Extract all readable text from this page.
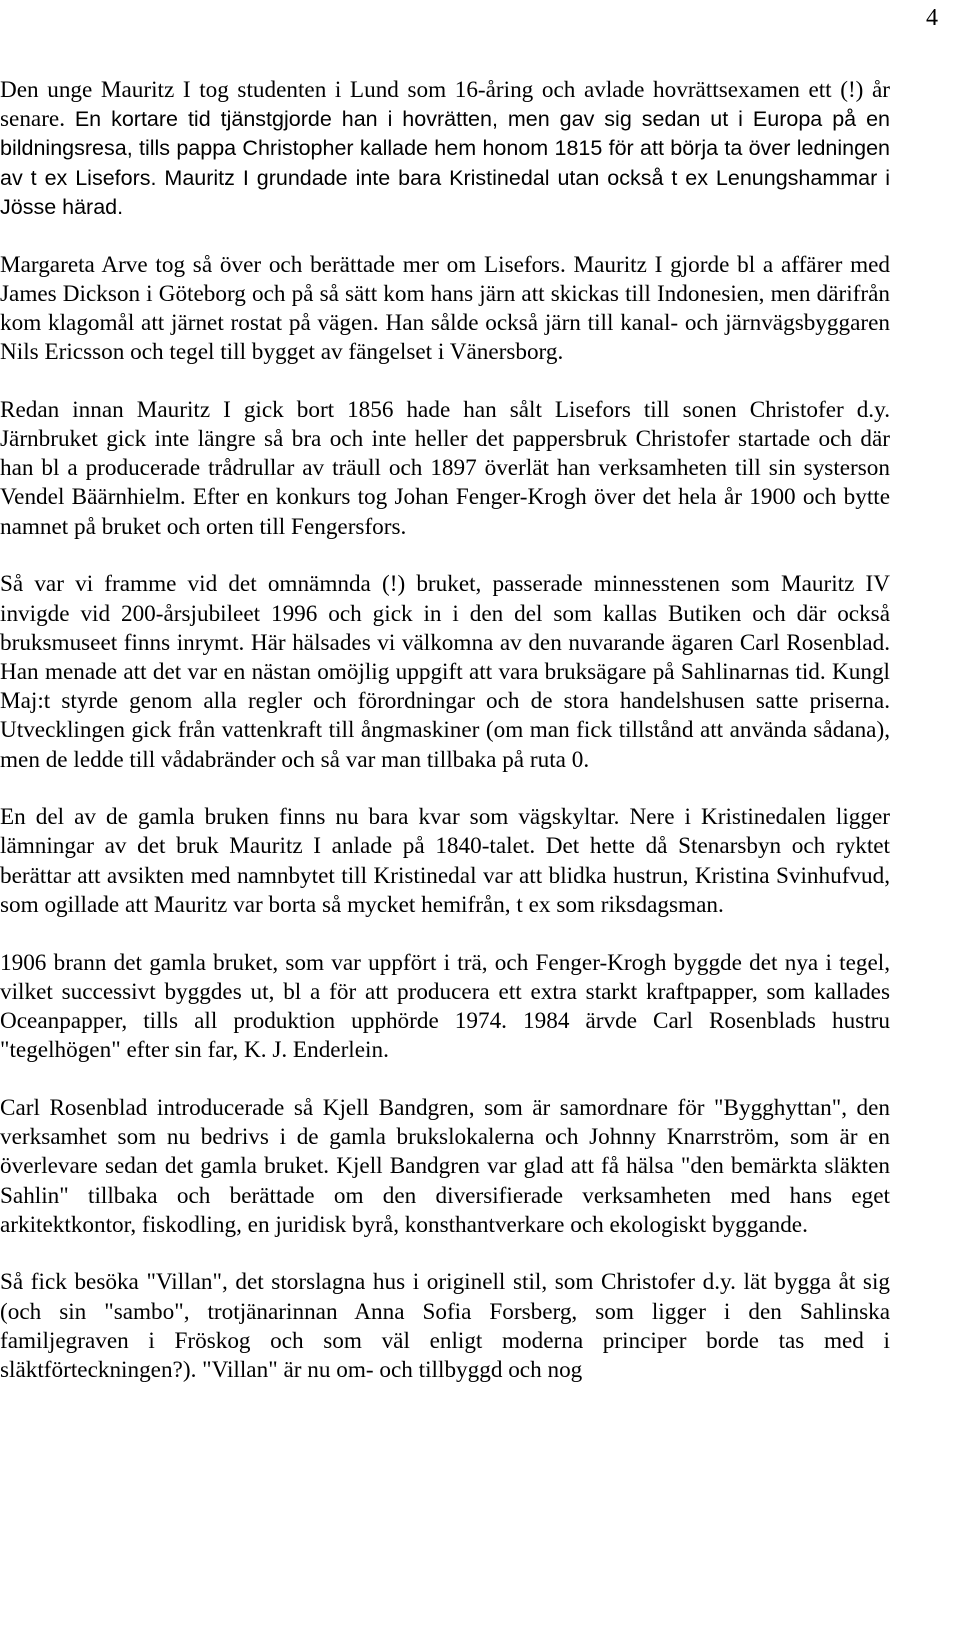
4

Den unge Mauritz I tog studenten i Lund som 16-åring och avlade hovrättsexamen ett (!) år senare. En kortare tid tjänstgjorde han i hovrätten, men gav sig sedan ut i Europa på en bildningsresa, tills pappa Christopher kallade hem honom 1815 för att börja ta över ledningen av t ex Lisefors. Mauritz I grundade inte bara Kristinedal utan också t ex Lenungshammar i Jösse härad.

Margareta Arve tog så över och berättade mer om Lisefors. Mauritz I gjorde bl a affärer med James Dickson i Göteborg och på så sätt kom hans järn att skickas till Indonesien, men därifrån kom klagomål att järnet rostat på vägen. Han sålde också järn till kanal- och järnvägsbyggaren Nils Ericsson och tegel till bygget av fängelset i Vänersborg.

Redan innan Mauritz I gick bort 1856 hade han sålt Lisefors till sonen Christofer d.y. Järnbruket gick inte längre så bra och inte heller det pappersbruk Christofer startade och där han bl a producerade trådrullar av träull och 1897 överlät han verksamheten till sin systerson Vendel Bäärnhielm. Efter en konkurs tog Johan Fenger-Krogh över det hela år 1900 och bytte namnet på bruket och orten till Fengersfors.

Så var vi framme vid det omnämnda (!) bruket, passerade minnesstenen som Mauritz IV invigde vid 200-årsjubileet 1996 och gick in i den del som kallas Butiken och där också bruksmuseet finns inrymt. Här hälsades vi välkomna av den nuvarande ägaren Carl Rosenblad. Han menade att det var en nästan omöjlig uppgift att vara bruksägare på Sahlinarnas tid. Kungl Maj:t styrde genom alla regler och förordningar och de stora handelshusen satte priserna. Utvecklingen gick från vattenkraft till ångmaskiner (om man fick tillstånd att använda sådana), men de ledde till vådabränder och så var man tillbaka på ruta 0.

En del av de gamla bruken finns nu bara kvar som vägskyltar. Nere i Kristinedalen ligger lämningar av det bruk Mauritz I anlade på 1840-talet. Det hette då Stenarsbyn och ryktet berättar att avsikten med namnbytet till Kristinedal var att blidka hustrun, Kristina Svinhufvud, som ogillade att Mauritz var borta så mycket hemifrån, t ex som riksdagsman.

1906 brann det gamla bruket, som var uppfört i trä, och Fenger-Krogh byggde det nya i tegel, vilket successivt byggdes ut, bl a för att producera ett extra starkt kraftpapper, som kallades Oceanpapper, tills all produktion upphörde 1974. 1984 ärvde Carl Rosenblads hustru "tegelhögen" efter sin far, K. J. Enderlein.

Carl Rosenblad introducerade så Kjell Bandgren, som är samordnare för "Bygghyttan", den verksamhet som nu bedrivs i de gamla brukslokalerna och Johnny Knarrström, som är en överlevare sedan det gamla bruket. Kjell Bandgren var glad att få hälsa "den bemärkta släkten Sahlin" tillbaka och berättade om den diversifierade verksamheten med hans eget arkitektkontor, fiskodling, en juridisk byrå, konsthantverkare och ekologiskt byggande.

Så fick besöka "Villan", det storslagna hus i originell stil, som Christofer d.y. lät bygga åt sig (och sin "sambo", trotjänarinnan Anna Sofia Forsberg, som ligger i den Sahlinska familjegraven i Fröskog och som väl enligt moderna principer borde tas med i släktförteckningen?). "Villan" är nu om- och tillbyggd och nog
